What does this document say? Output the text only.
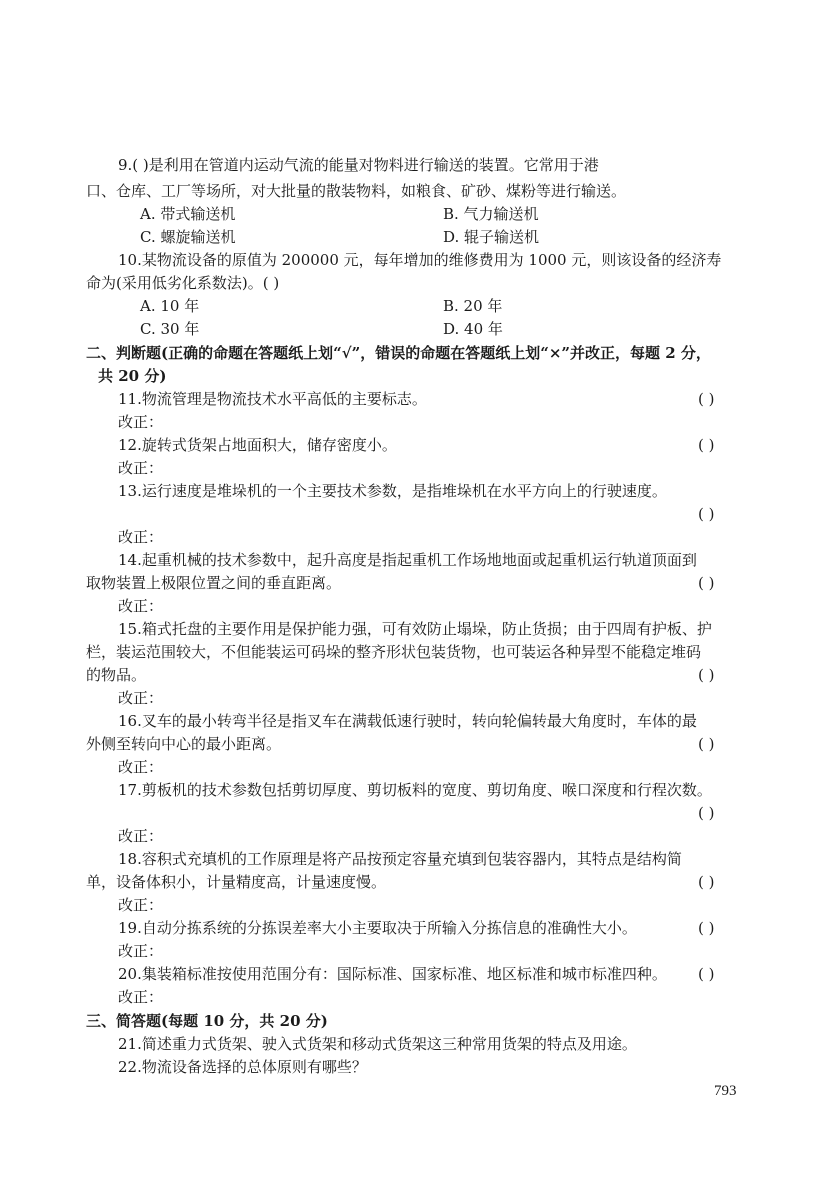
9.( )是利用在管道内运动气流的能量对物料进行输送的装置。它常用于港
口、仓库、工厂等场所，对大批量的散装物料，如粮食、矿砂、煤粉等进行输送。
A. 带式输送机	B. 气力输送机
C. 螺旋输送机	D. 辊子输送机
10.某物流设备的原值为 200000 元，每年增加的维修费用为 1000 元，则该设备的经济寿
命为(采用低劣化系数法)。( )
A. 10 年	B. 20 年
C. 30 年	D. 40 年
二、判断题(正确的命题在答题纸上划“√”，错误的命题在答题纸上划“×”并改正，每题 2 分，
共 20 分)
11.物流管理是物流技术水平高低的主要标志。	( )
改正：
12.旋转式货架占地面积大，储存密度小。	( )
改正：
13.运行速度是堆垛机的一个主要技术参数，是指堆垛机在水平方向上的行驶速度。
( )
改正：
14.起重机械的技术参数中，起升高度是指起重机工作场地地面或起重机运行轨道顶面到
取物装置上极限位置之间的垂直距离。	( )
改正：
15.箱式托盘的主要作用是保护能力强，可有效防止塌垛，防止货损；由于四周有护板、护
栏，装运范围较大，不但能装运可码垛的整齐形状包装货物，也可装运各种异型不能稳定堆码
的物品。	( )
改正：
16.叉车的最小转弯半径是指叉车在满载低速行驶时，转向轮偏转最大角度时，车体的最
外侧至转向中心的最小距离。	( )
改正：
17.剪板机的技术参数包括剪切厚度、剪切板料的宽度、剪切角度、喉口深度和行程次数。
( )
改正：
18.容积式充填机的工作原理是将产品按预定容量充填到包装容器内，其特点是结构简
单，设备体积小，计量精度高，计量速度慢。	( )
改正：
19.自动分拣系统的分拣误差率大小主要取决于所输入分拣信息的准确性大小。	( )
改正：
20.集装箱标准按使用范围分有：国际标准、国家标准、地区标准和城市标准四种。 ( )
改正：
三、简答题(每题 10 分，共 20 分)
21.简述重力式货架、驶入式货架和移动式货架这三种常用货架的特点及用途。
22.物流设备选择的总体原则有哪些？
793
